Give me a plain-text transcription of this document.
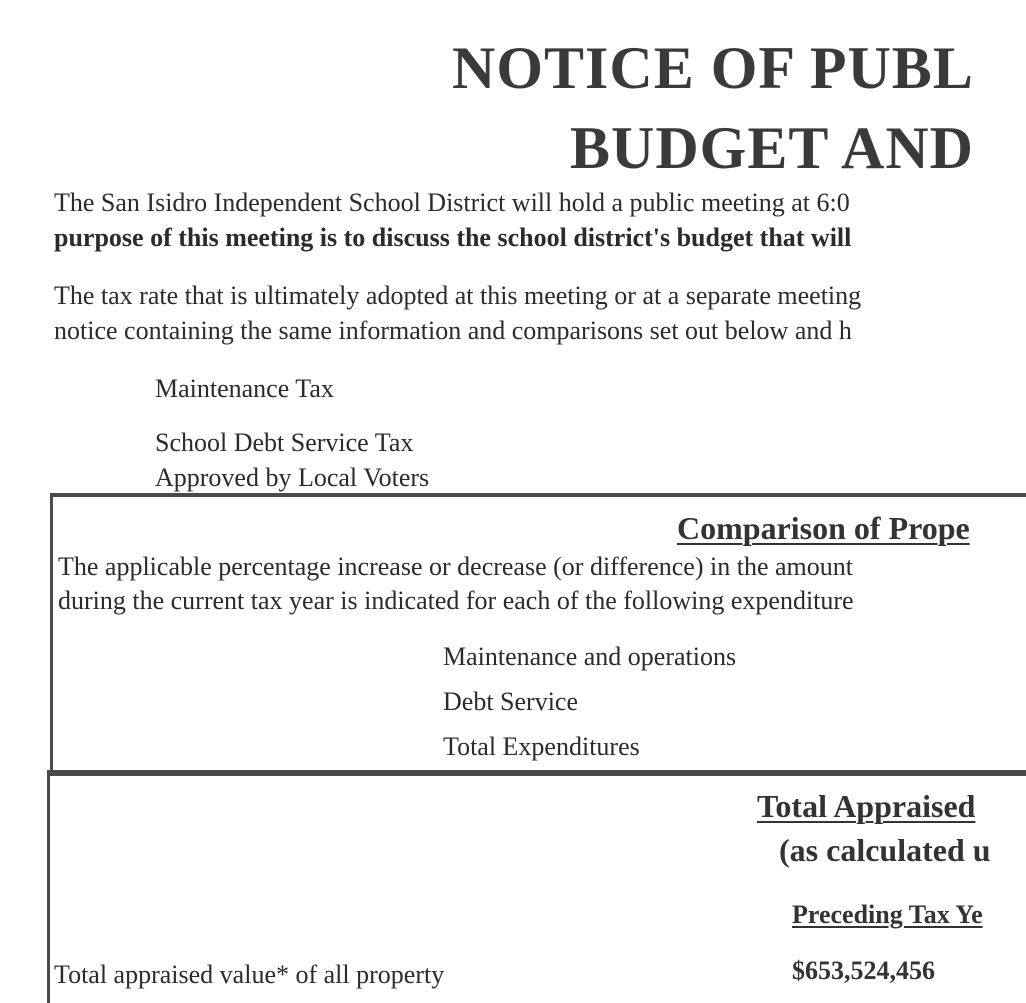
NOTICE OF PUBL
BUDGET AND
The San Isidro Independent School District will hold a public meeting at 6:0
purpose of this meeting is to discuss the school district's budget that will
The tax rate that is ultimately adopted at this meeting or at a separate meeting
notice containing the same information and comparisons set out below and h
Maintenance Tax
School Debt Service Tax
Approved by Local Voters
Comparison of Prope
The applicable percentage increase or decrease (or difference) in the amount
during the current tax year is indicated for each of the following expenditure
Maintenance and operations
Debt Service
Total Expenditures
Total Appraised
(as calculated u
Preceding Tax Ye
Total appraised value* of all property	$653,524,456
